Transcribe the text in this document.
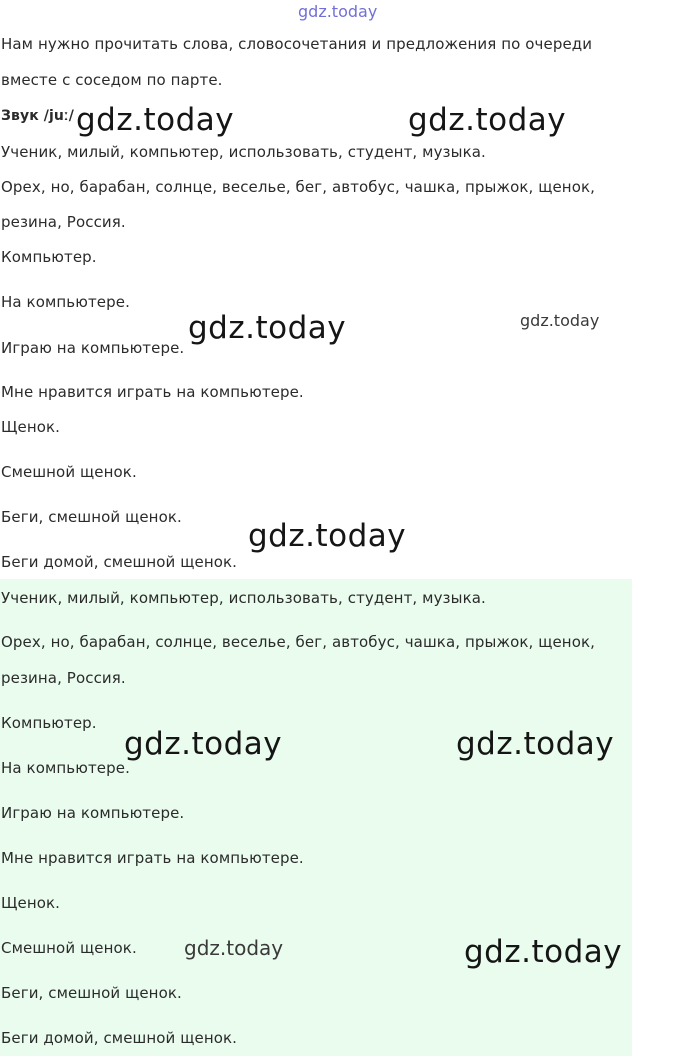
Нам нужно прочитать слова, словосочетания и предложения по очереди
вместе с соседом по парте.
Звук /juː/
Ученик, милый, компьютер, использовать, студент, музыка.
Орех, но, барабан, солнце, веселье, бег, автобус, чашка, прыжок, щенок,
резина, Россия.
Компьютер.
На компьютере.
Играю на компьютере.
Мне нравится играть на компьютере.
Щенок.
Смешной щенок.
Беги, смешной щенок.
Беги домой, смешной щенок.
Ученик, милый, компьютер, использовать, студент, музыка.
Орех, но, барабан, солнце, веселье, бег, автобус, чашка, прыжок, щенок,
резина, Россия.
Компьютер.
На компьютере.
Играю на компьютере.
Мне нравится играть на компьютере.
Щенок.
Смешной щенок.
Беги, смешной щенок.
Беги домой, смешной щенок.
gdz.today
gdz.today	gdz.today
gdz.today	gdz.today
gdz.today
gdz.today	gdz.today
gdz.today	gdz.today
